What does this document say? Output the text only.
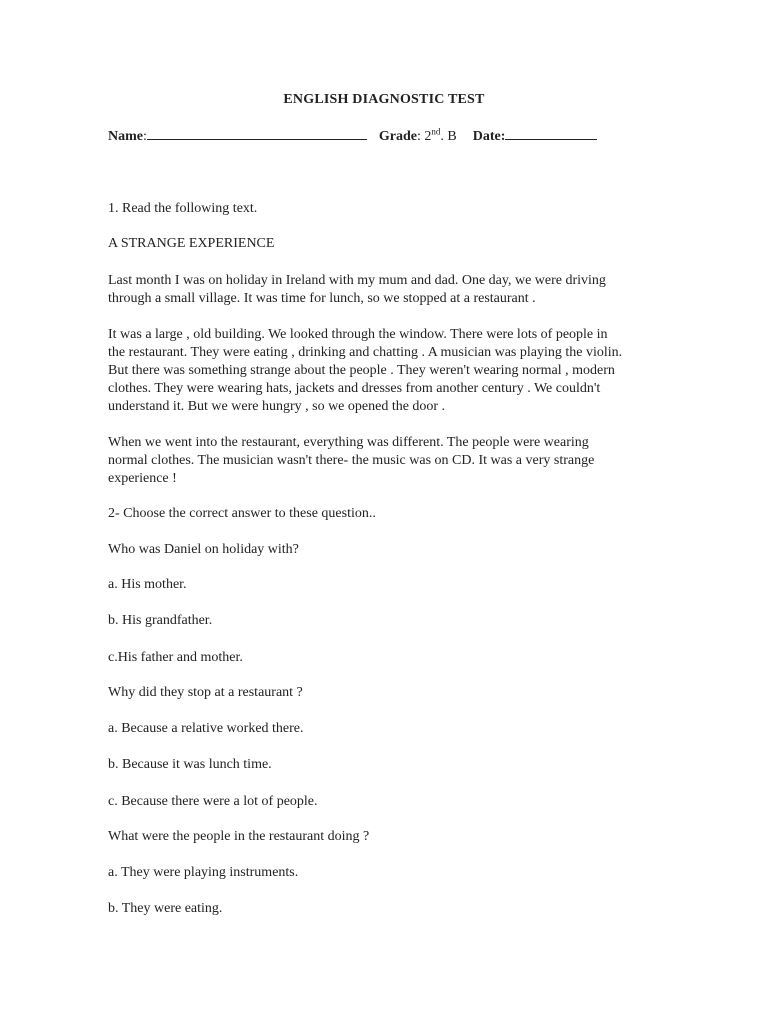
ENGLISH DIAGNOSTIC TEST
Name:	Grade: 2nd. B Date:
1. Read the following text.
A STRANGE EXPERIENCE
Last month I was on holiday in Ireland with my mum and dad. One day, we were driving
through a small village. It was time for lunch, so we stopped at a restaurant .
It was a large , old building. We looked through the window. There were lots of people in
the restaurant. They were eating , drinking and chatting . A musician was playing the violin.
But there was something strange about the people . They weren't wearing normal , modern
clothes. They were wearing hats, jackets and dresses from another century . We couldn't
understand it. But we were hungry , so we opened the door .
When we went into the restaurant, everything was different. The people were wearing
normal clothes. The musician wasn't there- the music was on CD. It was a very strange
experience !
2- Choose the correct answer to these question..
Who was Daniel on holiday with?
a. His mother.
b. His grandfather.
c.His father and mother.
Why did they stop at a restaurant ?
a. Because a relative worked there.
b. Because it was lunch time.
c. Because there were a lot of people.
What were the people in the restaurant doing ?
a. They were playing instruments.
b. They were eating.
